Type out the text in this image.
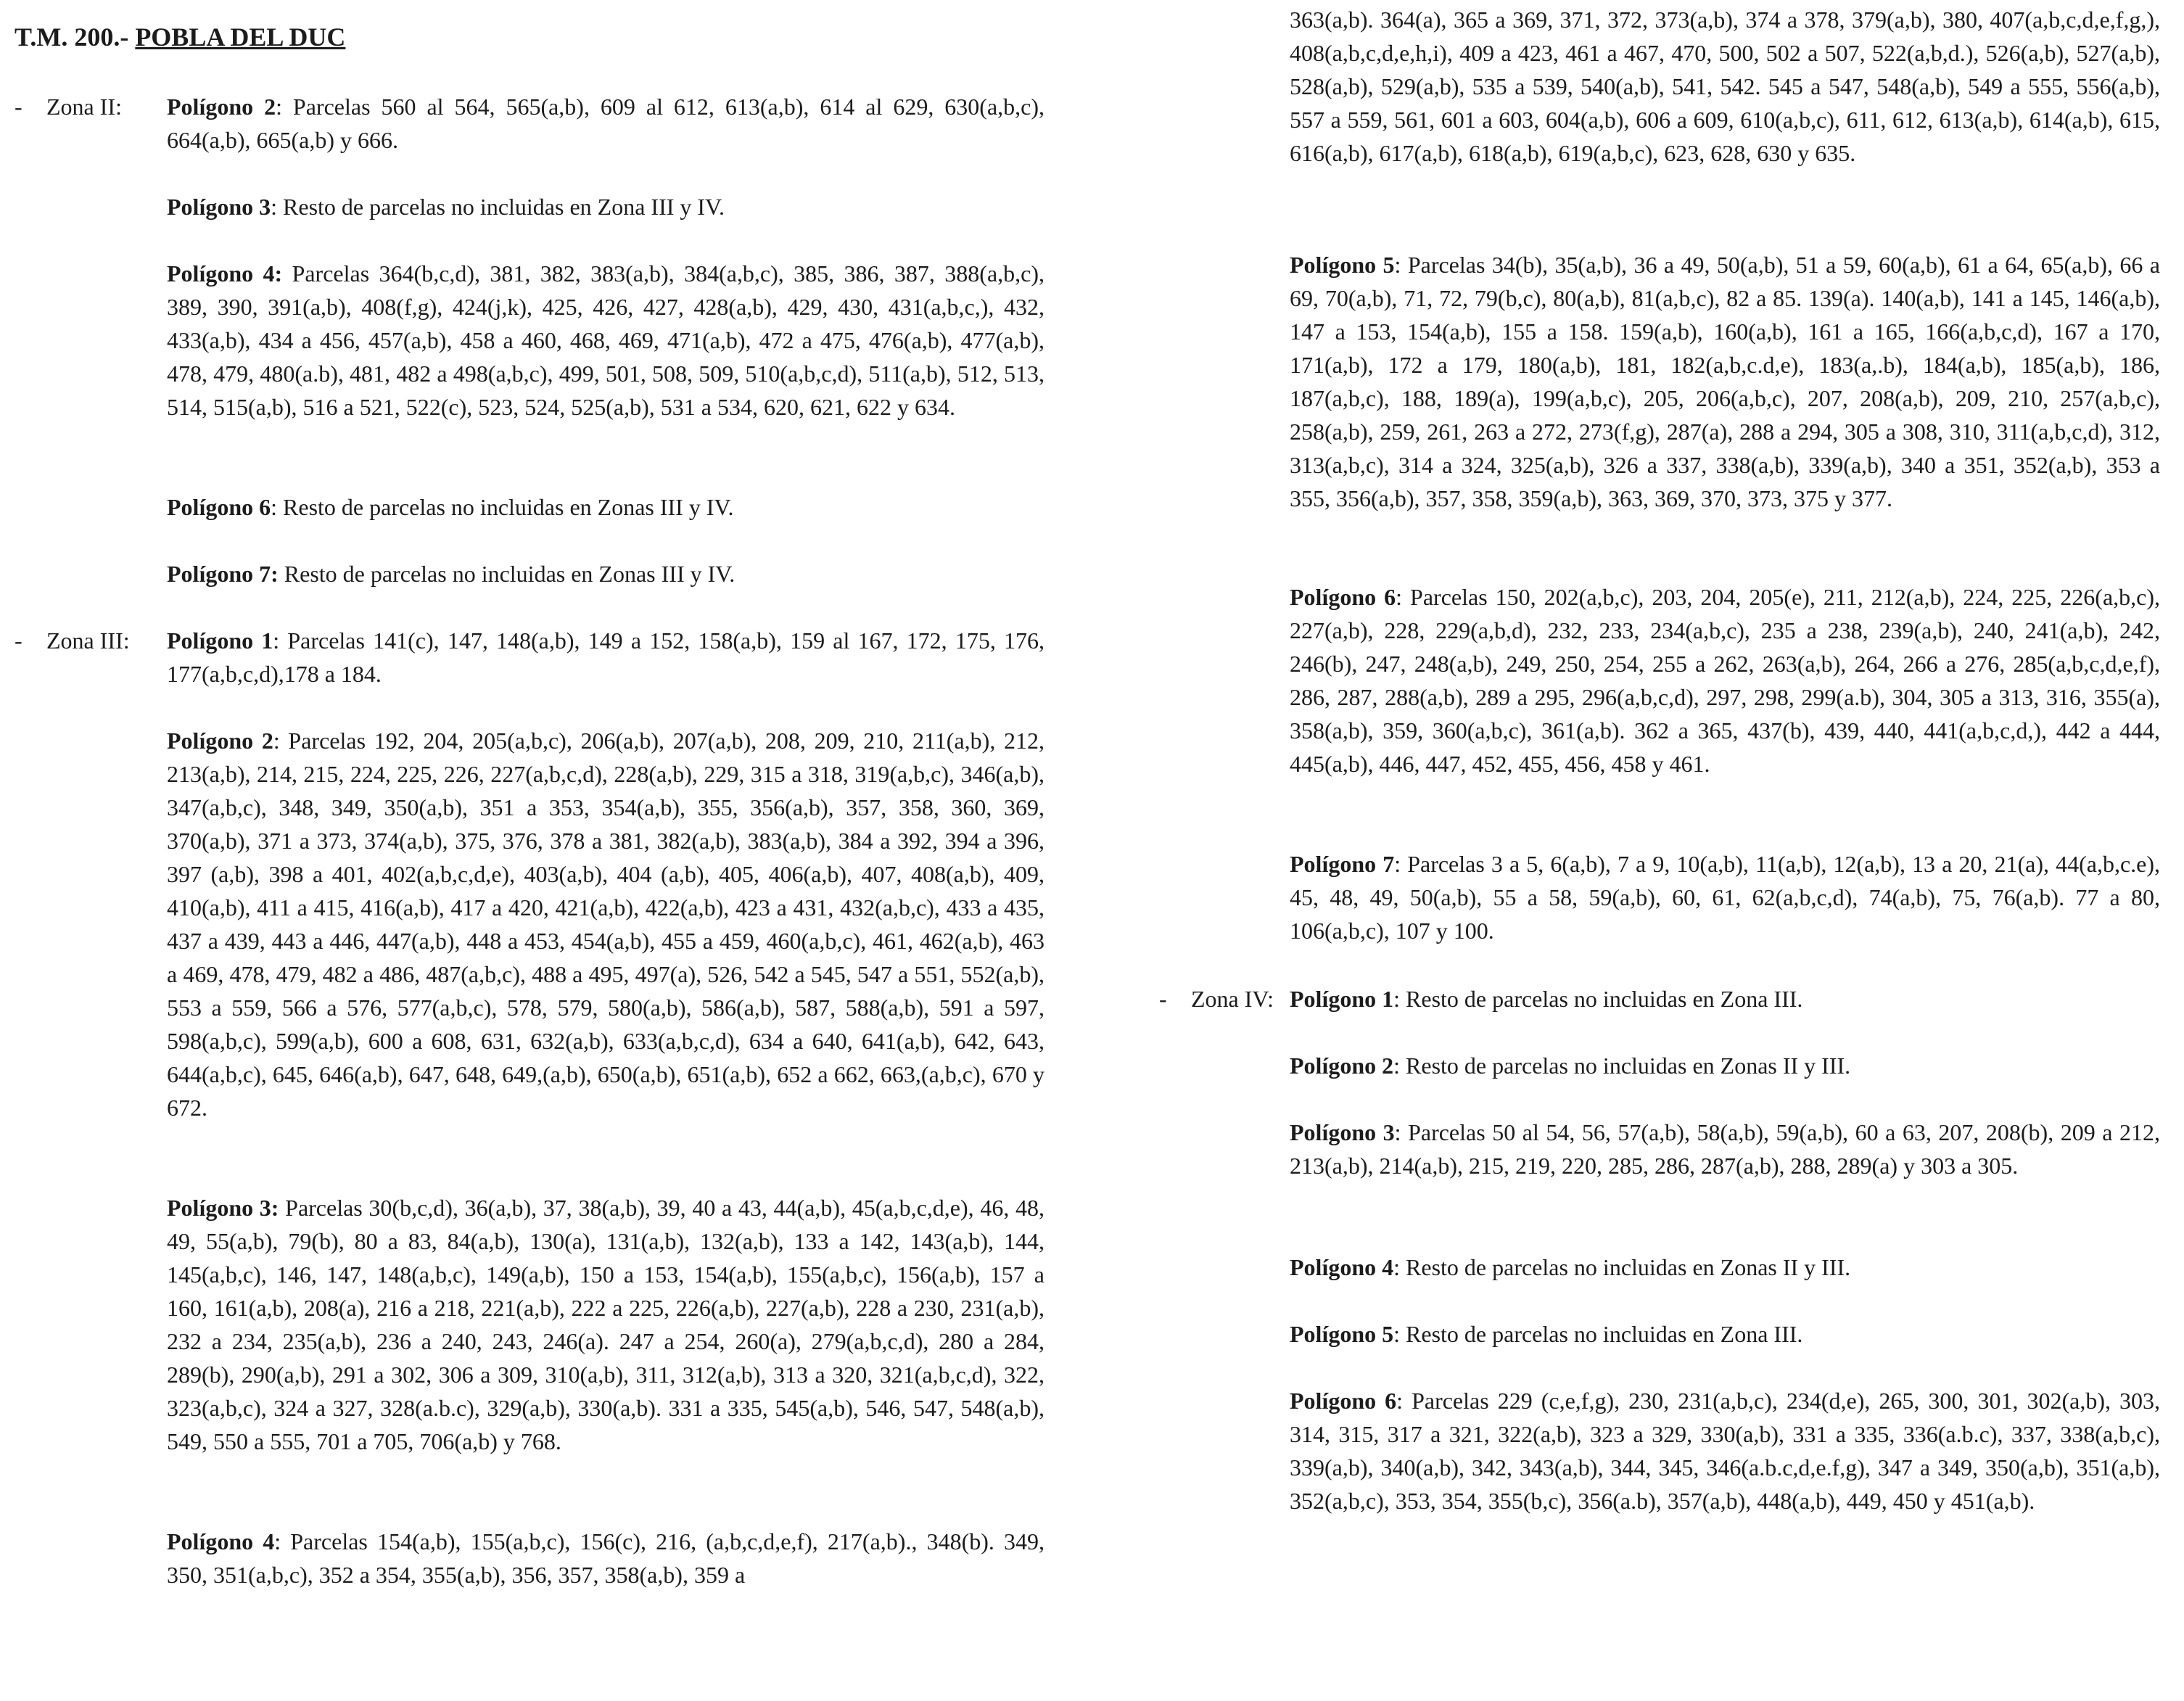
T.M. 200.- POBLA DEL DUC
- Zona II: Polígono 2: Parcelas 560 al 564, 565(a,b), 609 al 612, 613(a,b), 614 al 629, 630(a,b,c), 664(a,b), 665(a,b) y 666.
Polígono 3: Resto de parcelas no incluidas en Zona III y IV.
Polígono 4: Parcelas 364(b,c,d), 381, 382, 383(a,b), 384(a,b,c), 385, 386, 387, 388(a,b,c), 389, 390, 391(a,b), 408(f,g), 424(j,k), 425, 426, 427, 428(a,b), 429, 430, 431(a,b,c,), 432, 433(a,b), 434 a 456, 457(a,b), 458 a 460, 468, 469, 471(a,b), 472 a 475, 476(a,b), 477(a,b), 478, 479, 480(a.b), 481, 482 a 498(a,b,c), 499, 501, 508, 509, 510(a,b,c,d), 511(a,b), 512, 513, 514, 515(a,b), 516 a 521, 522(c), 523, 524, 525(a,b), 531 a 534, 620, 621, 622 y 634.
Polígono 6: Resto de parcelas no incluidas en Zonas III y IV.
Polígono 7: Resto de parcelas no incluidas en Zonas III y IV.
- Zona III: Polígono 1: Parcelas 141(c), 147, 148(a,b), 149 a 152, 158(a,b), 159 al 167, 172, 175, 176, 177(a,b,c,d),178 a 184.
Polígono 2: Parcelas 192, 204, 205(a,b,c), 206(a,b), 207(a,b), 208, 209, 210, 211(a,b), 212, 213(a,b), 214, 215, 224, 225, 226, 227(a,b,c,d), 228(a,b), 229, 315 a 318, 319(a,b,c), 346(a,b), 347(a,b,c), 348, 349, 350(a,b), 351 a 353, 354(a,b), 355, 356(a,b), 357, 358, 360, 369, 370(a,b), 371 a 373, 374(a,b), 375, 376, 378 a 381, 382(a,b), 383(a,b), 384 a 392, 394 a 396, 397 (a,b), 398 a 401, 402(a,b,c,d,e), 403(a,b), 404 (a,b), 405, 406(a,b), 407, 408(a,b), 409, 410(a,b), 411 a 415, 416(a,b), 417 a 420, 421(a,b), 422(a,b), 423 a 431, 432(a,b,c), 433 a 435, 437 a 439, 443 a 446, 447(a,b), 448 a 453, 454(a,b), 455 a 459, 460(a,b,c), 461, 462(a,b), 463 a 469, 478, 479, 482 a 486, 487(a,b,c), 488 a 495, 497(a), 526, 542 a 545, 547 a 551, 552(a,b), 553 a 559, 566 a 576, 577(a,b,c), 578, 579, 580(a,b), 586(a,b), 587, 588(a,b), 591 a 597, 598(a,b,c), 599(a,b), 600 a 608, 631, 632(a,b), 633(a,b,c,d), 634 a 640, 641(a,b), 642, 643, 644(a,b,c), 645, 646(a,b), 647, 648, 649,(a,b), 650(a,b), 651(a,b), 652 a 662, 663,(a,b,c), 670 y 672.
Polígono 3: Parcelas 30(b,c,d), 36(a,b), 37, 38(a,b), 39, 40 a 43, 44(a,b), 45(a,b,c,d,e), 46, 48, 49, 55(a,b), 79(b), 80 a 83, 84(a,b), 130(a), 131(a,b), 132(a,b), 133 a 142, 143(a,b), 144, 145(a,b,c), 146, 147, 148(a,b,c), 149(a,b), 150 a 153, 154(a,b), 155(a,b,c), 156(a,b), 157 a 160, 161(a,b), 208(a), 216 a 218, 221(a,b), 222 a 225, 226(a,b), 227(a,b), 228 a 230, 231(a,b), 232 a 234, 235(a,b), 236 a 240, 243, 246(a). 247 a 254, 260(a), 279(a,b,c,d), 280 a 284, 289(b), 290(a,b), 291 a 302, 306 a 309, 310(a,b), 311, 312(a,b), 313 a 320, 321(a,b,c,d), 322, 323(a,b,c), 324 a 327, 328(a.b.c), 329(a,b), 330(a,b). 331 a 335, 545(a,b), 546, 547, 548(a,b), 549, 550 a 555, 701 a 705, 706(a,b) y 768.
Polígono 4: Parcelas 154(a,b), 155(a,b,c), 156(c), 216, (a,b,c,d,e,f), 217(a,b)., 348(b). 349, 350, 351(a,b,c), 352 a 354, 355(a,b), 356, 357, 358(a,b), 359 a
363(a,b). 364(a), 365 a 369, 371, 372, 373(a,b), 374 a 378, 379(a,b), 380, 407(a,b,c,d,e,f,g,), 408(a,b,c,d,e,h,i), 409 a 423, 461 a 467, 470, 500, 502 a 507, 522(a,b,d.), 526(a,b), 527(a,b), 528(a,b), 529(a,b), 535 a 539, 540(a,b), 541, 542. 545 a 547, 548(a,b), 549 a 555, 556(a,b), 557 a 559, 561, 601 a 603, 604(a,b), 606 a 609, 610(a,b,c), 611, 612, 613(a,b), 614(a,b), 615, 616(a,b), 617(a,b), 618(a,b), 619(a,b,c), 623, 628, 630 y 635.
Polígono 5: Parcelas 34(b), 35(a,b), 36 a 49, 50(a,b), 51 a 59, 60(a,b), 61 a 64, 65(a,b), 66 a 69, 70(a,b), 71, 72, 79(b,c), 80(a,b), 81(a,b,c), 82 a 85. 139(a). 140(a,b), 141 a 145, 146(a,b), 147 a 153, 154(a,b), 155 a 158. 159(a,b), 160(a,b), 161 a 165, 166(a,b,c,d), 167 a 170, 171(a,b), 172 a 179, 180(a,b), 181, 182(a,b,c.d,e), 183(a,.b), 184(a,b), 185(a,b), 186, 187(a,b,c), 188, 189(a), 199(a,b,c), 205, 206(a,b,c), 207, 208(a,b), 209, 210, 257(a,b,c), 258(a,b), 259, 261, 263 a 272, 273(f,g), 287(a), 288 a 294, 305 a 308, 310, 311(a,b,c,d), 312, 313(a,b,c), 314 a 324, 325(a,b), 326 a 337, 338(a,b), 339(a,b), 340 a 351, 352(a,b), 353 a 355, 356(a,b), 357, 358, 359(a,b), 363, 369, 370, 373, 375 y 377.
Polígono 6: Parcelas 150, 202(a,b,c), 203, 204, 205(e), 211, 212(a,b), 224, 225, 226(a,b,c), 227(a,b), 228, 229(a,b,d), 232, 233, 234(a,b,c), 235 a 238, 239(a,b), 240, 241(a,b), 242, 246(b), 247, 248(a,b), 249, 250, 254, 255 a 262, 263(a,b), 264, 266 a 276, 285(a,b,c,d,e,f), 286, 287, 288(a,b), 289 a 295, 296(a,b,c,d), 297, 298, 299(a.b), 304, 305 a 313, 316, 355(a), 358(a,b), 359, 360(a,b,c), 361(a,b). 362 a 365, 437(b), 439, 440, 441(a,b,c,d,), 442 a 444, 445(a,b), 446, 447, 452, 455, 456, 458 y 461.
Polígono 7: Parcelas 3 a 5, 6(a,b), 7 a 9, 10(a,b), 11(a,b), 12(a,b), 13 a 20, 21(a), 44(a,b,c.e), 45, 48, 49, 50(a,b), 55 a 58, 59(a,b), 60, 61, 62(a,b,c,d), 74(a,b), 75, 76(a,b). 77 a 80, 106(a,b,c), 107 y 100.
- Zona IV: Polígono 1: Resto de parcelas no incluidas en Zona III.
Polígono 2: Resto de parcelas no incluidas en Zonas II y III.
Polígono 3: Parcelas 50 al 54, 56, 57(a,b), 58(a,b), 59(a,b), 60 a 63, 207, 208(b), 209 a 212, 213(a,b), 214(a,b), 215, 219, 220, 285, 286, 287(a,b), 288, 289(a) y 303 a 305.
Polígono 4: Resto de parcelas no incluidas en Zonas II y III.
Polígono 5: Resto de parcelas no incluidas en Zona III.
Polígono 6: Parcelas 229 (c,e,f,g), 230, 231(a,b,c), 234(d,e), 265, 300, 301, 302(a,b), 303, 314, 315, 317 a 321, 322(a,b), 323 a 329, 330(a,b), 331 a 335, 336(a.b.c), 337, 338(a,b,c), 339(a,b), 340(a,b), 342, 343(a,b), 344, 345, 346(a.b.c,d,e.f,g), 347 a 349, 350(a,b), 351(a,b), 352(a,b,c), 353, 354, 355(b,c), 356(a.b), 357(a,b), 448(a,b), 449, 450 y 451(a,b).
